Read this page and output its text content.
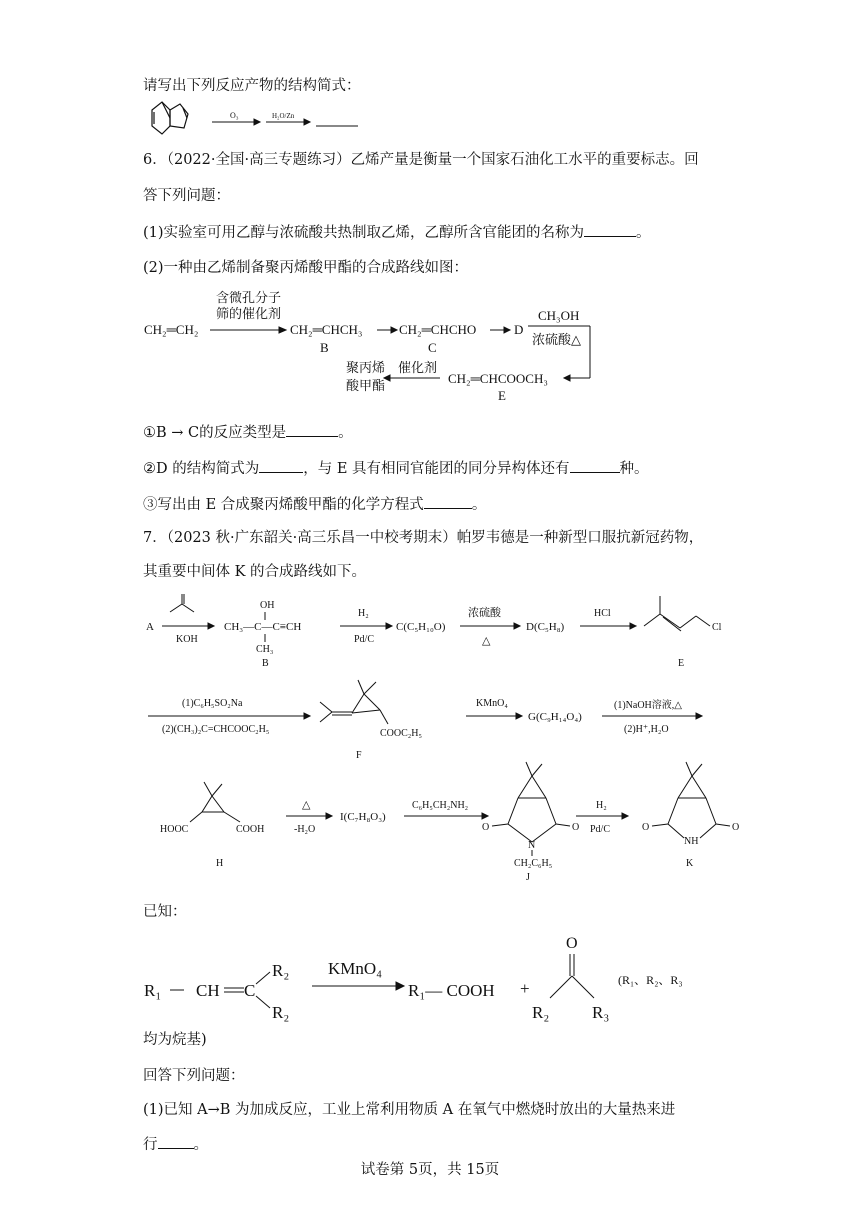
请写出下列反应产物的结构简式：
O₃	H₂O/Zn
6．（2022·全国·高三专题练习）乙烯产量是衡量一个国家石油化工水平的重要标志。回
答下列问题：
(1)实验室可用乙醇与浓硫酸共热制取乙烯，乙醇所含官能团的名称为	。
(2)一种由乙烯制备聚丙烯酸甲酯的合成路线如图：
CH₂═CH₂
含微孔分子
筛的催化剂
CH₂═CHCH₃
B
CH₂═CHCHO
C
D
CH₃OH
浓硫酸△
CH₂═CHCOOCH₃
E
催化剂
聚丙烯
酸甲酯
①B → C的反应类型是	。
②D 的结构简式为	，与 E 具有相同官能团的同分异构体还有	种。
③写出由 E 合成聚丙烯酸甲酯的化学方程式	。
7．（2023 秋·广东韶关·高三乐昌一中校考期末）帕罗韦德是一种新型口服抗新冠药物，
其重要中间体 K 的合成路线如下。
A
KOH
OH
CH₃—C—C≡CH
CH₃
B
H₂
Pd/C
C(C₅H₁₀O)
浓硫酸
△
D(C₅H₈)
HCl
Cl
E
(1)C₆H₅SO₂Na
(2)(CH₃)₂C=CHCOOC₂H₅	COOC₂H₅
F
KMnO₄
G(C₉H₁₄O₄)
(1)NaOH溶液,△
(2)H⁺,H₂O
HOOC	COOH
H
△
-H₂O
I(C₇H₈O₃)
C₆H₅CH₂NH₂
O	O
N
CH₂C₆H₅
J
H₂
Pd/C	O	O
NH
K
已知：
R₁ CH C
R₂
R₂
KMnO₄
R₁— COOH +
O
R₂	R₃
(R₁、R₂、R₃
均为烷基)
回答下列问题：
(1)已知 A→B 为加成反应，工业上常利用物质 A 在氧气中燃烧时放出的大量热来进
行 。
试卷第 5页，共 15页
